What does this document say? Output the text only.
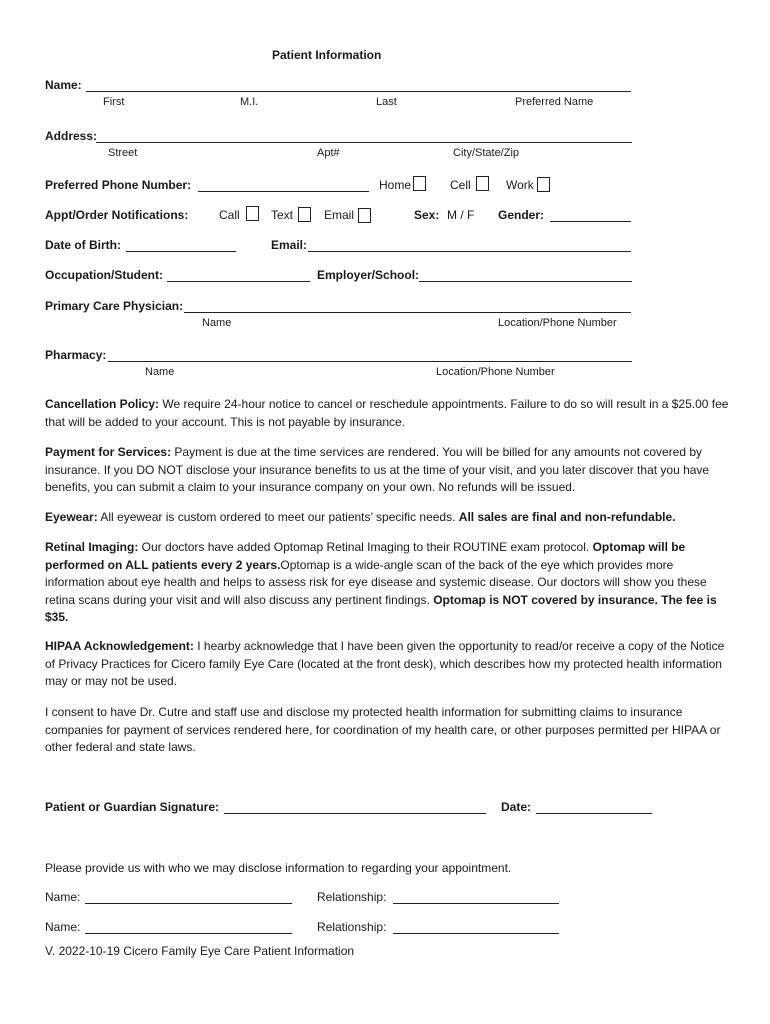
Patient Information
Name:
First	M.I.	Last	Preferred Name
Address:
Street	Apt#	City/State/Zip
Preferred Phone Number:	Home	Cell	Work
Appt/Order Notifications:	Call	Text	Email	Sex: M / F Gender:
Date of Birth:	Email:
Occupation/Student:	Employer/School:
Primary Care Physician:
Name	Location/Phone Number
Pharmacy:
Name	Location/Phone Number
Cancellation Policy: We require 24-hour notice to cancel or reschedule appointments. Failure to do so will result in a $25.00 fee that will be added to your account. This is not payable by insurance.
Payment for Services: Payment is due at the time services are rendered. You will be billed for any amounts not covered by insurance. If you DO NOT disclose your insurance benefits to us at the time of your visit, and you later discover that you have benefits, you can submit a claim to your insurance company on your own. No refunds will be issued.
Eyewear: All eyewear is custom ordered to meet our patients’ specific needs. All sales are final and non-refundable.
Retinal Imaging: Our doctors have added Optomap Retinal Imaging to their ROUTINE exam protocol. Optomap will be performed on ALL patients every 2 years.Optomap is a wide-angle scan of the back of the eye which provides more information about eye health and helps to assess risk for eye disease and systemic disease. Our doctors will show you these retina scans during your visit and will also discuss any pertinent findings. Optomap is NOT covered by insurance. The fee is $35.
HIPAA Acknowledgement: I hearby acknowledge that I have been given the opportunity to read/or receive a copy of the Notice of Privacy Practices for Cicero family Eye Care (located at the front desk), which describes how my protected health information may or may not be used.
I consent to have Dr. Cutre and staff use and disclose my protected health information for submitting claims to insurance companies for payment of services rendered here, for coordination of my health care, or other purposes permitted per HIPAA or other federal and state laws.
Patient or Guardian Signature:	Date:
Please provide us with who we may disclose information to regarding your appointment.
Name:	Relationship:
Name:	Relationship:
V. 2022-10-19 Cicero Family Eye Care Patient Information
